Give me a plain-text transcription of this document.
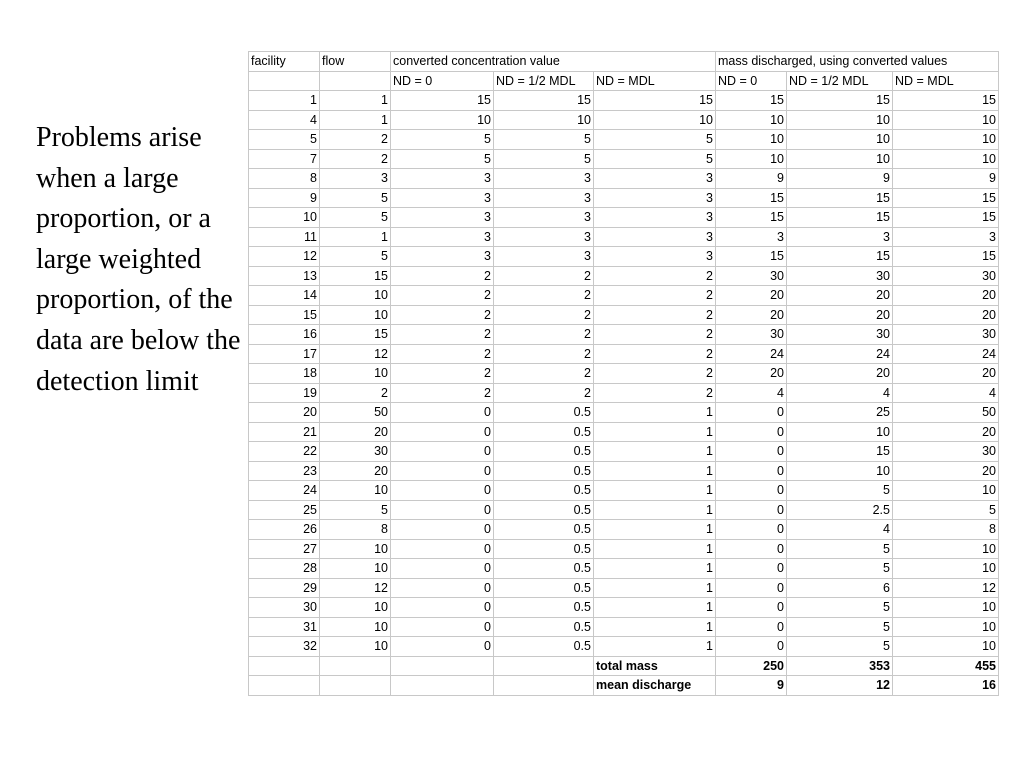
Problems arise when a large proportion, or a large weighted proportion, of the data are below the detection limit
facility	flow	converted concentration value			mass discharged, using converted values		
		ND = 0	ND = 1/2 MDL	ND = MDL	ND = 0	ND = 1/2 MDL	ND = MDL
1	1	15	15	15	15	15	15
4	1	10	10	10	10	10	10
5	2	5	5	5	10	10	10
7	2	5	5	5	10	10	10
8	3	3	3	3	9	9	9
9	5	3	3	3	15	15	15
10	5	3	3	3	15	15	15
11	1	3	3	3	3	3	3
12	5	3	3	3	15	15	15
13	15	2	2	2	30	30	30
14	10	2	2	2	20	20	20
15	10	2	2	2	20	20	20
16	15	2	2	2	30	30	30
17	12	2	2	2	24	24	24
18	10	2	2	2	20	20	20
19	2	2	2	2	4	4	4
20	50	0	0.5	1	0	25	50
21	20	0	0.5	1	0	10	20
22	30	0	0.5	1	0	15	30
23	20	0	0.5	1	0	10	20
24	10	0	0.5	1	0	5	10
25	5	0	0.5	1	0	2.5	5
26	8	0	0.5	1	0	4	8
27	10	0	0.5	1	0	5	10
28	10	0	0.5	1	0	5	10
29	12	0	0.5	1	0	6	12
30	10	0	0.5	1	0	5	10
31	10	0	0.5	1	0	5	10
32	10	0	0.5	1	0	5	10
				total mass	250	353	455
				mean discharge	9	12	16
